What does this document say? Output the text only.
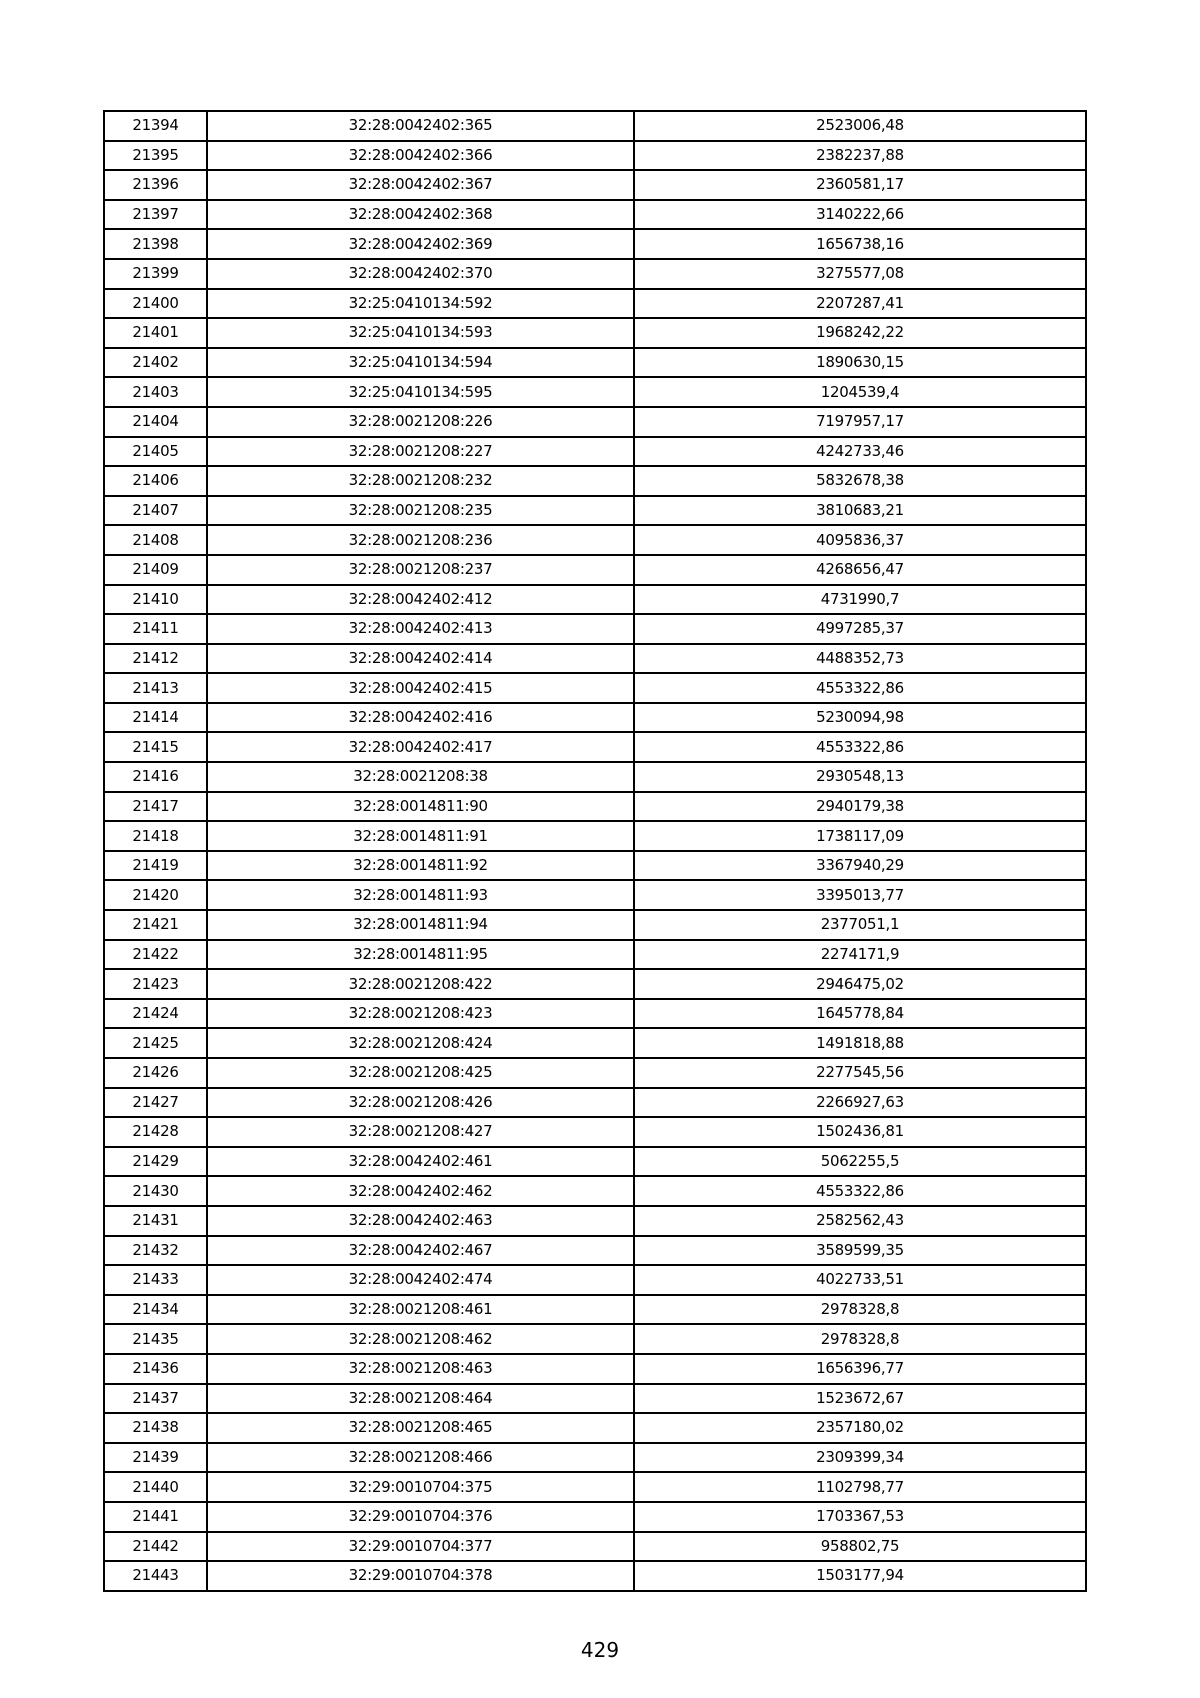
21394	32:28:0042402:365	2523006,48
21395	32:28:0042402:366	2382237,88
21396	32:28:0042402:367	2360581,17
21397	32:28:0042402:368	3140222,66
21398	32:28:0042402:369	1656738,16
21399	32:28:0042402:370	3275577,08
21400	32:25:0410134:592	2207287,41
21401	32:25:0410134:593	1968242,22
21402	32:25:0410134:594	1890630,15
21403	32:25:0410134:595	1204539,4
21404	32:28:0021208:226	7197957,17
21405	32:28:0021208:227	4242733,46
21406	32:28:0021208:232	5832678,38
21407	32:28:0021208:235	3810683,21
21408	32:28:0021208:236	4095836,37
21409	32:28:0021208:237	4268656,47
21410	32:28:0042402:412	4731990,7
21411	32:28:0042402:413	4997285,37
21412	32:28:0042402:414	4488352,73
21413	32:28:0042402:415	4553322,86
21414	32:28:0042402:416	5230094,98
21415	32:28:0042402:417	4553322,86
21416	32:28:0021208:38	2930548,13
21417	32:28:0014811:90	2940179,38
21418	32:28:0014811:91	1738117,09
21419	32:28:0014811:92	3367940,29
21420	32:28:0014811:93	3395013,77
21421	32:28:0014811:94	2377051,1
21422	32:28:0014811:95	2274171,9
21423	32:28:0021208:422	2946475,02
21424	32:28:0021208:423	1645778,84
21425	32:28:0021208:424	1491818,88
21426	32:28:0021208:425	2277545,56
21427	32:28:0021208:426	2266927,63
21428	32:28:0021208:427	1502436,81
21429	32:28:0042402:461	5062255,5
21430	32:28:0042402:462	4553322,86
21431	32:28:0042402:463	2582562,43
21432	32:28:0042402:467	3589599,35
21433	32:28:0042402:474	4022733,51
21434	32:28:0021208:461	2978328,8
21435	32:28:0021208:462	2978328,8
21436	32:28:0021208:463	1656396,77
21437	32:28:0021208:464	1523672,67
21438	32:28:0021208:465	2357180,02
21439	32:28:0021208:466	2309399,34
21440	32:29:0010704:375	1102798,77
21441	32:29:0010704:376	1703367,53
21442	32:29:0010704:377	958802,75
21443	32:29:0010704:378	1503177,94
429
